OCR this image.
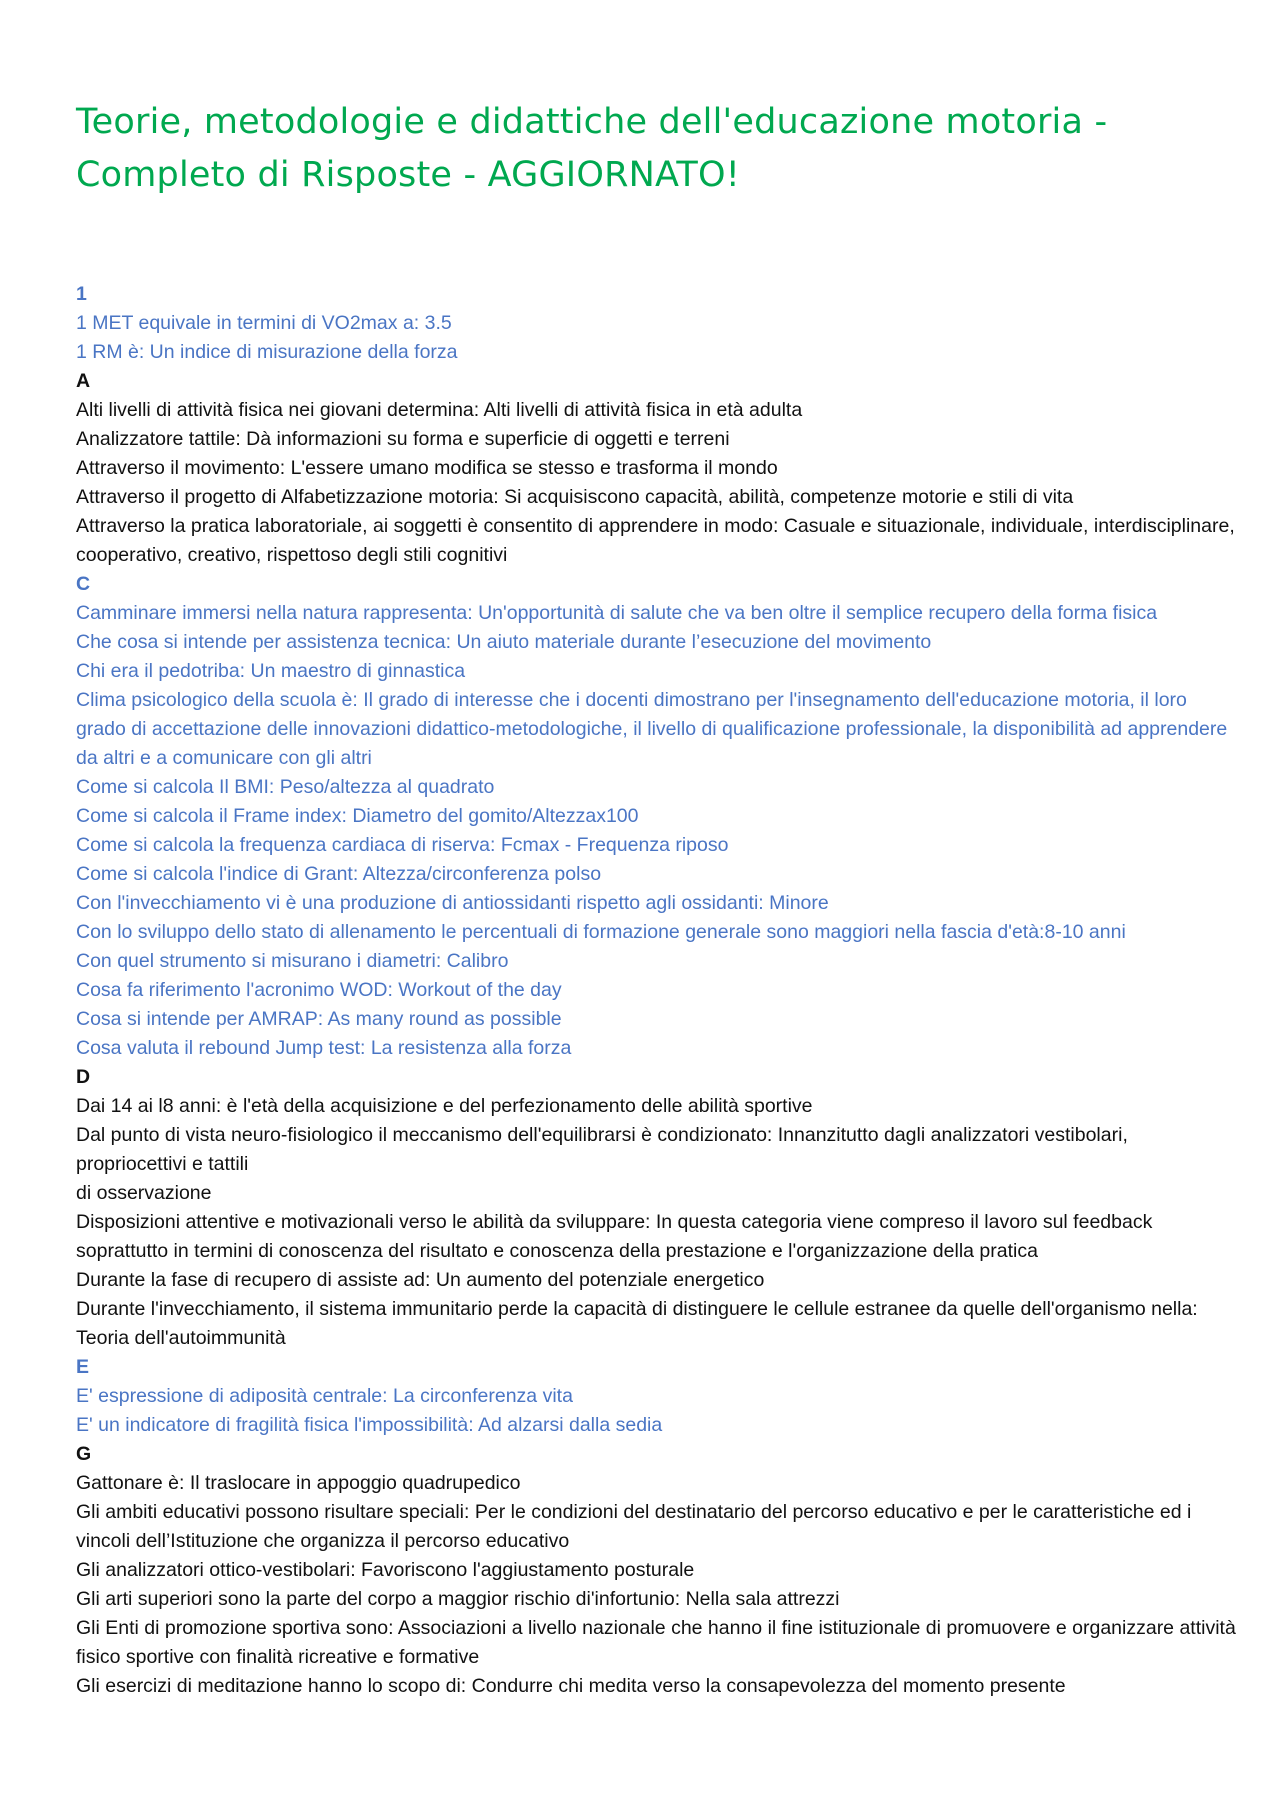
Teorie, metodologie e didattiche dell'educazione motoria - Completo di Risposte - AGGIORNATO!
1
1 MET equivale in termini di VO2max a: 3.5
1 RM è: Un indice di misurazione della forza
A
Alti livelli di attività fisica nei giovani determina: Alti livelli di attività fisica in età adulta
Analizzatore tattile: Dà informazioni su forma e superficie di oggetti e terreni
Attraverso il movimento: L'essere umano modifica se stesso e trasforma il mondo
Attraverso il progetto di Alfabetizzazione motoria: Si acquisiscono capacità, abilità, competenze motorie e stili di vita
Attraverso la pratica laboratoriale, ai soggetti è consentito di apprendere in modo: Casuale e situazionale, individuale, interdisciplinare, cooperativo, creativo, rispettoso degli stili cognitivi
C
Camminare immersi nella natura rappresenta: Un'opportunità di salute che va ben oltre il semplice recupero della forma fisica
Che cosa si intende per assistenza tecnica: Un aiuto materiale durante l’esecuzione del movimento
Chi era il pedotriba: Un maestro di ginnastica
Clima psicologico della scuola è: Il grado di interesse che i docenti dimostrano per l'insegnamento dell'educazione motoria, il loro grado di accettazione delle innovazioni didattico-metodologiche, il livello di qualificazione professionale, la disponibilità ad apprendere da altri e a comunicare con gli altri
Come si calcola Il BMI: Peso/altezza al quadrato
Come si calcola il Frame index: Diametro del gomito/Altezzax100
Come si calcola la frequenza cardiaca di riserva: Fcmax - Frequenza riposo
Come si calcola l'indice di Grant: Altezza/circonferenza polso
Con l'invecchiamento vi è una produzione di antiossidanti rispetto agli ossidanti: Minore
Con lo sviluppo dello stato di allenamento le percentuali di formazione generale sono maggiori nella fascia d'età:8-10 anni
Con quel strumento si misurano i diametri: Calibro
Cosa fa riferimento l'acronimo WOD: Workout of the day
Cosa si intende per AMRAP: As many round as possible
Cosa valuta il rebound Jump test: La resistenza alla forza
D
Dai 14 ai l8 anni: è l'età della acquisizione e del perfezionamento delle abilità sportive
Dal punto di vista neuro-fisiologico il meccanismo dell'equilibrarsi è condizionato: Innanzitutto dagli analizzatori vestibolari, propriocettivi e tattili
di osservazione
Disposizioni attentive e motivazionali verso le abilità da sviluppare: In questa categoria viene compreso il lavoro sul feedback soprattutto in termini di conoscenza del risultato e conoscenza della prestazione e l'organizzazione della pratica
Durante la fase di recupero di assiste ad: Un aumento del potenziale energetico
Durante l'invecchiamento, il sistema immunitario perde la capacità di distinguere le cellule estranee da quelle dell'organismo nella: Teoria dell'autoimmunità
E
E' espressione di adiposità centrale: La circonferenza vita
E' un indicatore di fragilità fisica l'impossibilità: Ad alzarsi dalla sedia
G
Gattonare è: Il traslocare in appoggio quadrupedico
Gli ambiti educativi possono risultare speciali: Per le condizioni del destinatario del percorso educativo e per le caratteristiche ed i vincoli dell’Istituzione che organizza il percorso educativo
Gli analizzatori ottico-vestibolari: Favoriscono l'aggiustamento posturale
Gli arti superiori sono la parte del corpo a maggior rischio di'infortunio: Nella sala attrezzi
Gli Enti di promozione sportiva sono: Associazioni a livello nazionale che hanno il fine istituzionale di promuovere e organizzare attività fisico sportive con finalità ricreative e formative
Gli esercizi di meditazione hanno lo scopo di: Condurre chi medita verso la consapevolezza del momento presente
